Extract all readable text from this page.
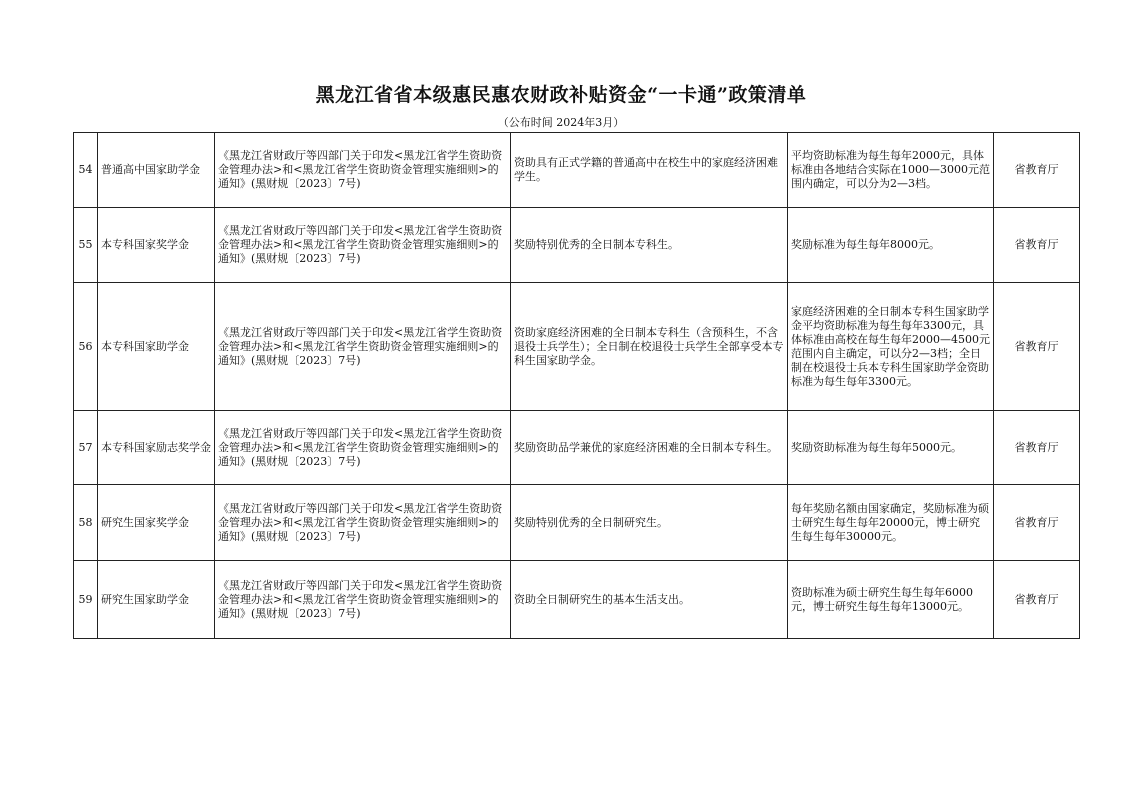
黑龙江省省本级惠民惠农财政补贴资金“一卡通”政策清单
（公布时间 2024年3月）
54	普通高中国家助学金	《黑龙江省财政厅等四部门关于印发<黑龙江省学生资助资金管理办法>和<黑龙江省学生资助资金管理实施细则>的通知》(黑财规〔2023〕7号)	资助具有正式学籍的普通高中在校生中的家庭经济困难学生。	平均资助标准为每生每年2000元，具体标准由各地结合实际在1000—3000元范围内确定，可以分为2—3档。	省教育厅
55	本专科国家奖学金	《黑龙江省财政厅等四部门关于印发<黑龙江省学生资助资金管理办法>和<黑龙江省学生资助资金管理实施细则>的通知》(黑财规〔2023〕7号)	奖励特别优秀的全日制本专科生。	奖励标准为每生每年8000元。	省教育厅
56	本专科国家助学金	《黑龙江省财政厅等四部门关于印发<黑龙江省学生资助资金管理办法>和<黑龙江省学生资助资金管理实施细则>的通知》(黑财规〔2023〕7号)	资助家庭经济困难的全日制本专科生（含预科生，不含退役士兵学生）；全日制在校退役士兵学生全部享受本专科生国家助学金。	家庭经济困难的全日制本专科生国家助学金平均资助标准为每生每年3300元，具体标准由高校在每生每年2000—4500元范围内自主确定，可以分2—3档；全日制在校退役士兵本专科生国家助学金资助标准为每生每年3300元。	省教育厅
57	本专科国家励志奖学金	《黑龙江省财政厅等四部门关于印发<黑龙江省学生资助资金管理办法>和<黑龙江省学生资助资金管理实施细则>的通知》(黑财规〔2023〕7号)	奖励资助品学兼优的家庭经济困难的全日制本专科生。	奖励资助标准为每生每年5000元。	省教育厅
58	研究生国家奖学金	《黑龙江省财政厅等四部门关于印发<黑龙江省学生资助资金管理办法>和<黑龙江省学生资助资金管理实施细则>的通知》(黑财规〔2023〕7号)	奖励特别优秀的全日制研究生。	每年奖励名额由国家确定，奖励标准为硕士研究生每生每年20000元，博士研究生每生每年30000元。	省教育厅
59	研究生国家助学金	《黑龙江省财政厅等四部门关于印发<黑龙江省学生资助资金管理办法>和<黑龙江省学生资助资金管理实施细则>的通知》(黑财规〔2023〕7号)	资助全日制研究生的基本生活支出。	资助标准为硕士研究生每生每年6000元，博士研究生每生每年13000元。	省教育厅
